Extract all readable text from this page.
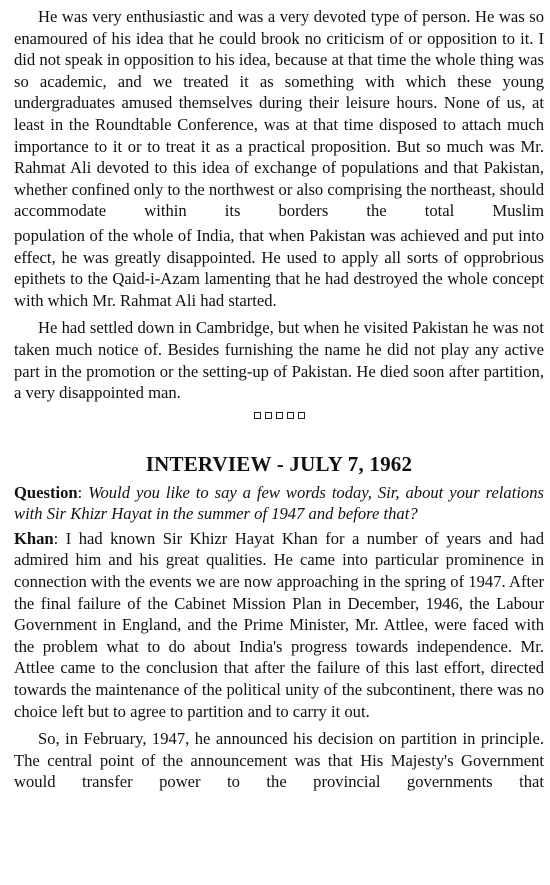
He was very enthusiastic and was a very devoted type of person. He was so enamoured of his idea that he could brook no criticism of or opposition to it. I did not speak in opposition to his idea, because at that time the whole thing was so academic, and we treated it as something with which these young undergraduates amused themselves during their leisure hours. None of us, at least in the Roundtable Conference, was at that time disposed to attach much importance to it or to treat it as a practical proposition. But so much was Mr. Rahmat Ali devoted to this idea of exchange of populations and that Pakistan, whether confined only to the northwest or also comprising the northeast, should accommodate within its borders the total Muslim

population of the whole of India, that when Pakistan was achieved and put into effect, he was greatly disappointed. He used to apply all sorts of opprobrious epithets to the Qaid-i-Azam lamenting that he had destroyed the whole concept with which Mr. Rahmat Ali had started.

He had settled down in Cambridge, but when he visited Pakistan he was not taken much notice of. Besides furnishing the name he did not play any active part in the promotion or the setting-up of Pakistan. He died soon after partition, a very disappointed man.

INTERVIEW - JULY 7, 1962

Question: Would you like to say a few words today, Sir, about your relations with Sir Khizr Hayat in the summer of 1947 and before that?

Khan: I had known Sir Khizr Hayat Khan for a number of years and had admired him and his great qualities. He came into particular prominence in connection with the events we are now approaching in the spring of 1947. After the final failure of the Cabinet Mission Plan in December, 1946, the Labour Government in England, and the Prime Minister, Mr. Attlee, were faced with the problem what to do about India's progress towards independence. Mr. Attlee came to the conclusion that after the failure of this last effort, directed towards the maintenance of the political unity of the subcontinent, there was no choice left but to agree to partition and to carry it out.

So, in February, 1947, he announced his decision on partition in principle. The central point of the announcement was that His Majesty's Government would transfer power to the provincial governments that
